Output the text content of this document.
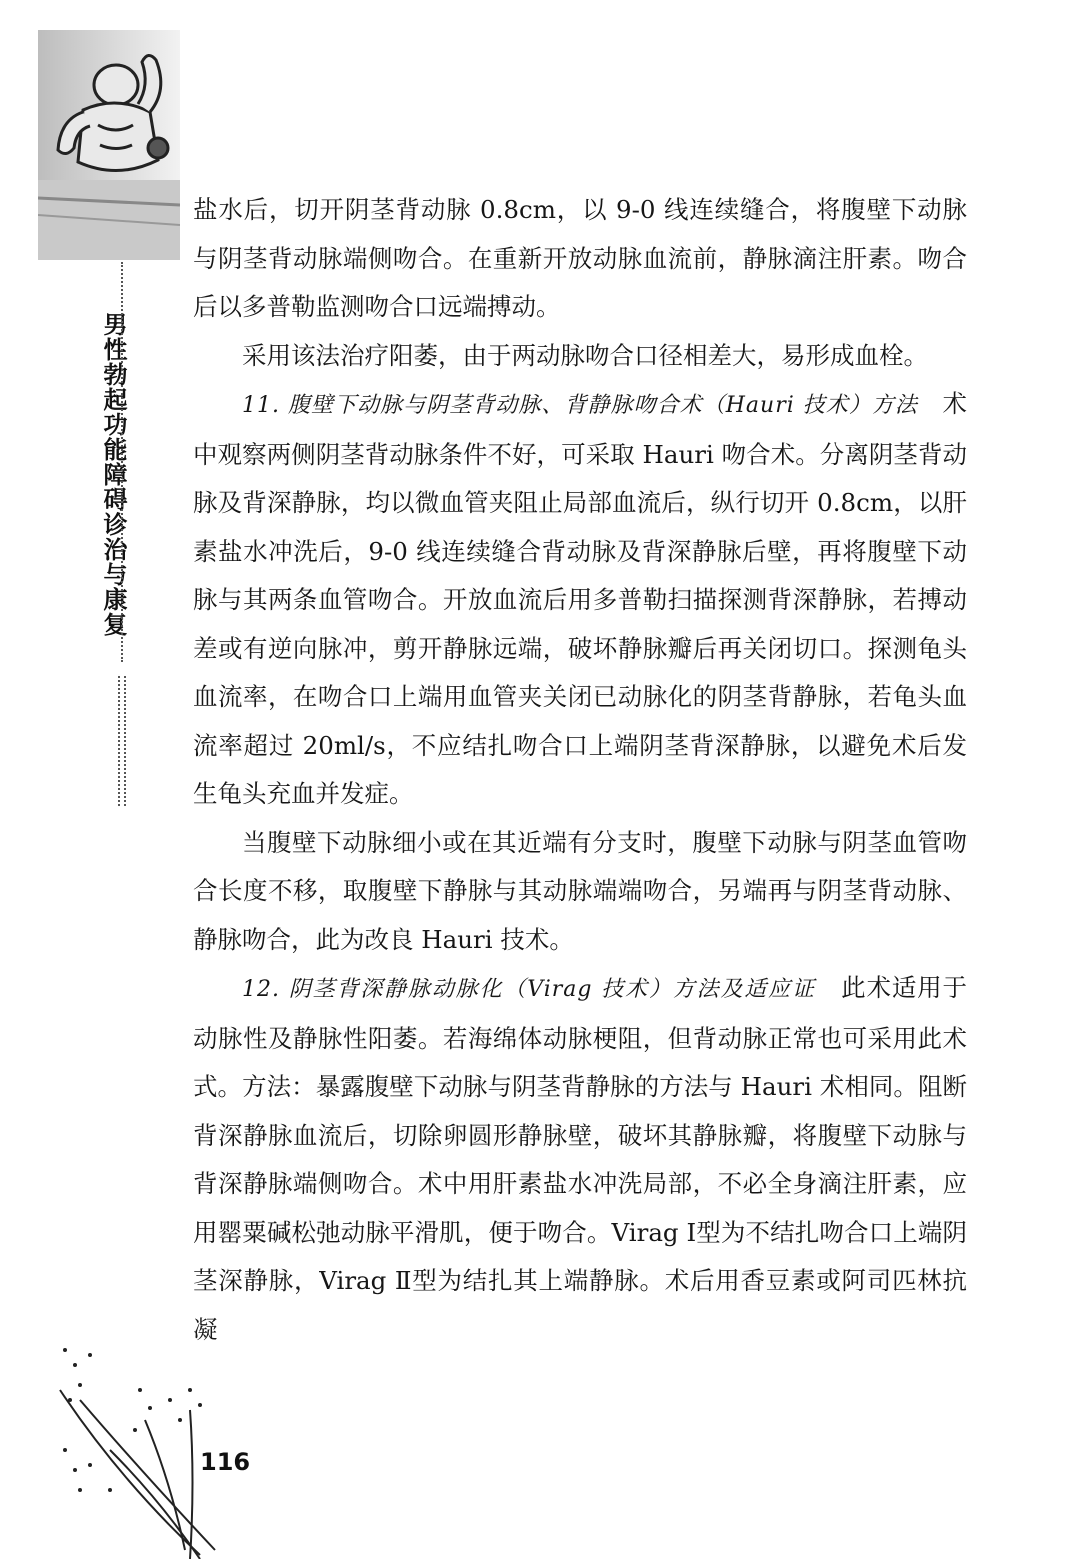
男性勃起功能障碍诊治与康复

盐水后，切开阴茎背动脉 0.8cm，以 9-0 线连续缝合，将腹壁下动脉与阴茎背动脉端侧吻合。在重新开放动脉血流前，静脉滴注肝素。吻合后以多普勒监测吻合口远端搏动。

采用该法治疗阳萎，由于两动脉吻合口径相差大，易形成血栓。

11. 腹壁下动脉与阴茎背动脉、背静脉吻合术（Hauri 技术）方法　 术中观察两侧阴茎背动脉条件不好，可采取 Hauri 吻合术。分离阴茎背动脉及背深静脉，均以微血管夹阻止局部血流后，纵行切开 0.8cm，以肝素盐水冲洗后，9-0 线连续缝合背动脉及背深静脉后壁，再将腹壁下动脉与其两条血管吻合。开放血流后用多普勒扫描探测背深静脉，若搏动差或有逆向脉冲，剪开静脉远端，破坏静脉瓣后再关闭切口。探测龟头血流率，在吻合口上端用血管夹关闭已动脉化的阴茎背静脉，若龟头血流率超过 20ml/s，不应结扎吻合口上端阴茎背深静脉，以避免术后发生龟头充血并发症。

当腹壁下动脉细小或在其近端有分支时，腹壁下动脉与阴茎血管吻合长度不移，取腹壁下静脉与其动脉端端吻合，另端再与阴茎背动脉、静脉吻合，此为改良 Hauri 技术。

12. 阴茎背深静脉动脉化（Virag 技术）方法及适应证　 此术适用于动脉性及静脉性阳萎。若海绵体动脉梗阻，但背动脉正常也可采用此术式。方法：暴露腹壁下动脉与阴茎背静脉的方法与 Hauri 术相同。阻断背深静脉血流后，切除卵圆形静脉壁，破坏其静脉瓣，将腹壁下动脉与背深静脉端侧吻合。术中用肝素盐水冲洗局部，不必全身滴注肝素，应用罂粟碱松弛动脉平滑肌，便于吻合。Virag Ⅰ型为不结扎吻合口上端阴茎深静脉，Virag Ⅱ型为结扎其上端静脉。术后用香豆素或阿司匹林抗凝

116
